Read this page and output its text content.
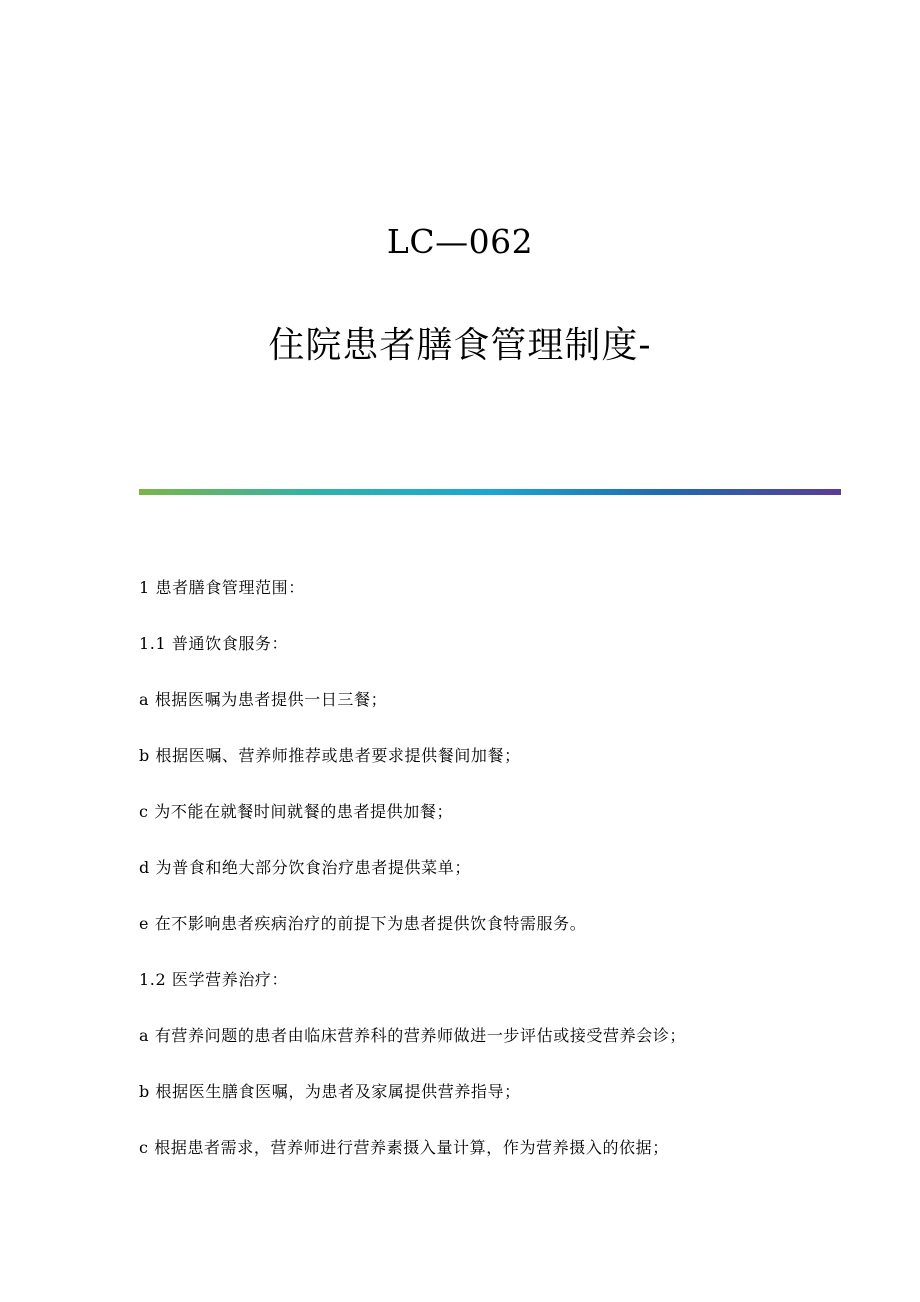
LC—062
住院患者膳食管理制度-
1 患者膳食管理范围：
1.1 普通饮食服务：
a 根据医嘱为患者提供一日三餐；
b 根据医嘱、营养师推荐或患者要求提供餐间加餐；
c 为不能在就餐时间就餐的患者提供加餐；
d 为普食和绝大部分饮食治疗患者提供菜单；
e 在不影响患者疾病治疗的前提下为患者提供饮食特需服务。
1.2 医学营养治疗：
a 有营养问题的患者由临床营养科的营养师做进一步评估或接受营养会诊；
b 根据医生膳食医嘱，为患者及家属提供营养指导；
c 根据患者需求，营养师进行营养素摄入量计算，作为营养摄入的依据；
